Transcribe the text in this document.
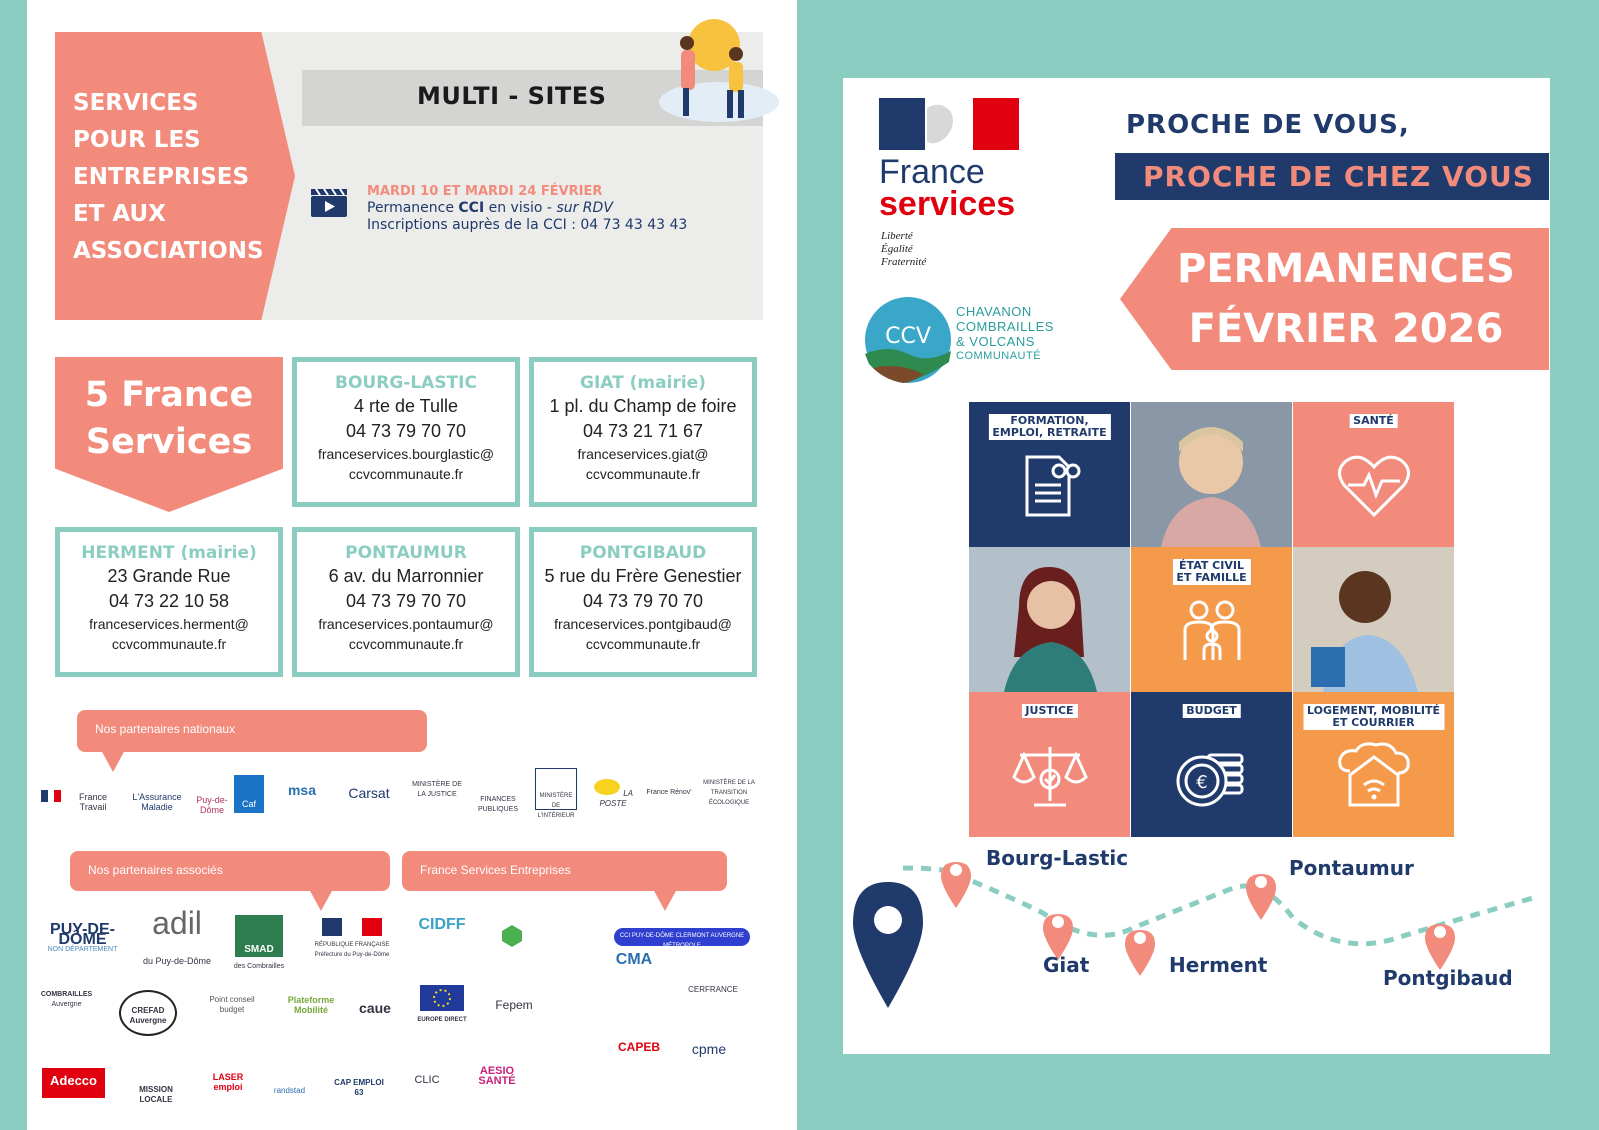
SERVICES
POUR LES
ENTREPRISES
ET AUX
ASSOCIATIONS
MULTI - SITES
MARDI 10 ET MARDI 24 FÉVRIER
Permanence CCI en visio - sur RDV
Inscriptions auprès de la CCI : 04 73 43 43 43
5 France
Services
BOURG-LASTIC
4 rte de Tulle
04 73 79 70 70
franceservices.bourglastic@
ccvcommunaute.fr
GIAT (mairie)
1 pl. du Champ de foire
04 73 21 71 67
franceservices.giat@
ccvcommunaute.fr
HERMENT (mairie)
23 Grande Rue
04 73 22 10 58
franceservices.herment@
ccvcommunaute.fr
PONTAUMUR
6 av. du Marronnier
04 73 79 70 70
franceservices.pontaumur@
ccvcommunaute.fr
PONTGIBAUD
5 rue du Frère Genestier
04 73 79 70 70
franceservices.pontgibaud@
ccvcommunaute.fr
Nos partenaires nationaux
Nos partenaires associés	France Services Entreprises
France Travail
L'Assurance Maladie
Puy-de-Dôme
Caf
msa	Carsat
MINISTÈRE DE LA JUSTICE
FINANCES PUBLIQUES
MINISTÈRE DE L'INTÉRIEUR
LA POSTE
France Rénov'
MINISTÈRE DE LA TRANSITION ÉCOLOGIQUE
PUY-DE-DÔME
NON DÉPARTEMENT
adil
du Puy-de-Dôme
SMAD
des Combrailles
RÉPUBLIQUE FRANÇAISE
Préfecture du Puy-de-Dôme
CIDFF
COMBRAILLES
Auvergne
CREFAD
Auvergne
Point conseil budget
Plateforme Mobilité	caue
EUROPE DIRECT
Fepem
Adecco
MISSION LOCALE
LASER emploi	randstad
CAP EMPLOI 63
CLIC
AESIO SANTÉ
CCI PUY-DE-DÔME CLERMONT AUVERGNE MÉTROPOLE
CMA
CERFRANCE
CAPEB	cpme
France
services
Liberté
Égalité
Fraternité
PROCHE DE VOUS,
PROCHE DE CHEZ VOUS
PERMANENCES
FÉVRIER 2026
CCV
CHAVANON
COMBRAILLES
& VOLCANS
COMMUNAUTÉ
FORMATION,
EMPLOI, RETRAITE
SANTÉ
ÉTAT CIVIL
ET FAMILLE
JUSTICE	BUDGET
€
LOGEMENT, MOBILITÉ
ET COURRIER
Bourg-Lastic
Giat	Herment
Pontaumur
Pontgibaud
